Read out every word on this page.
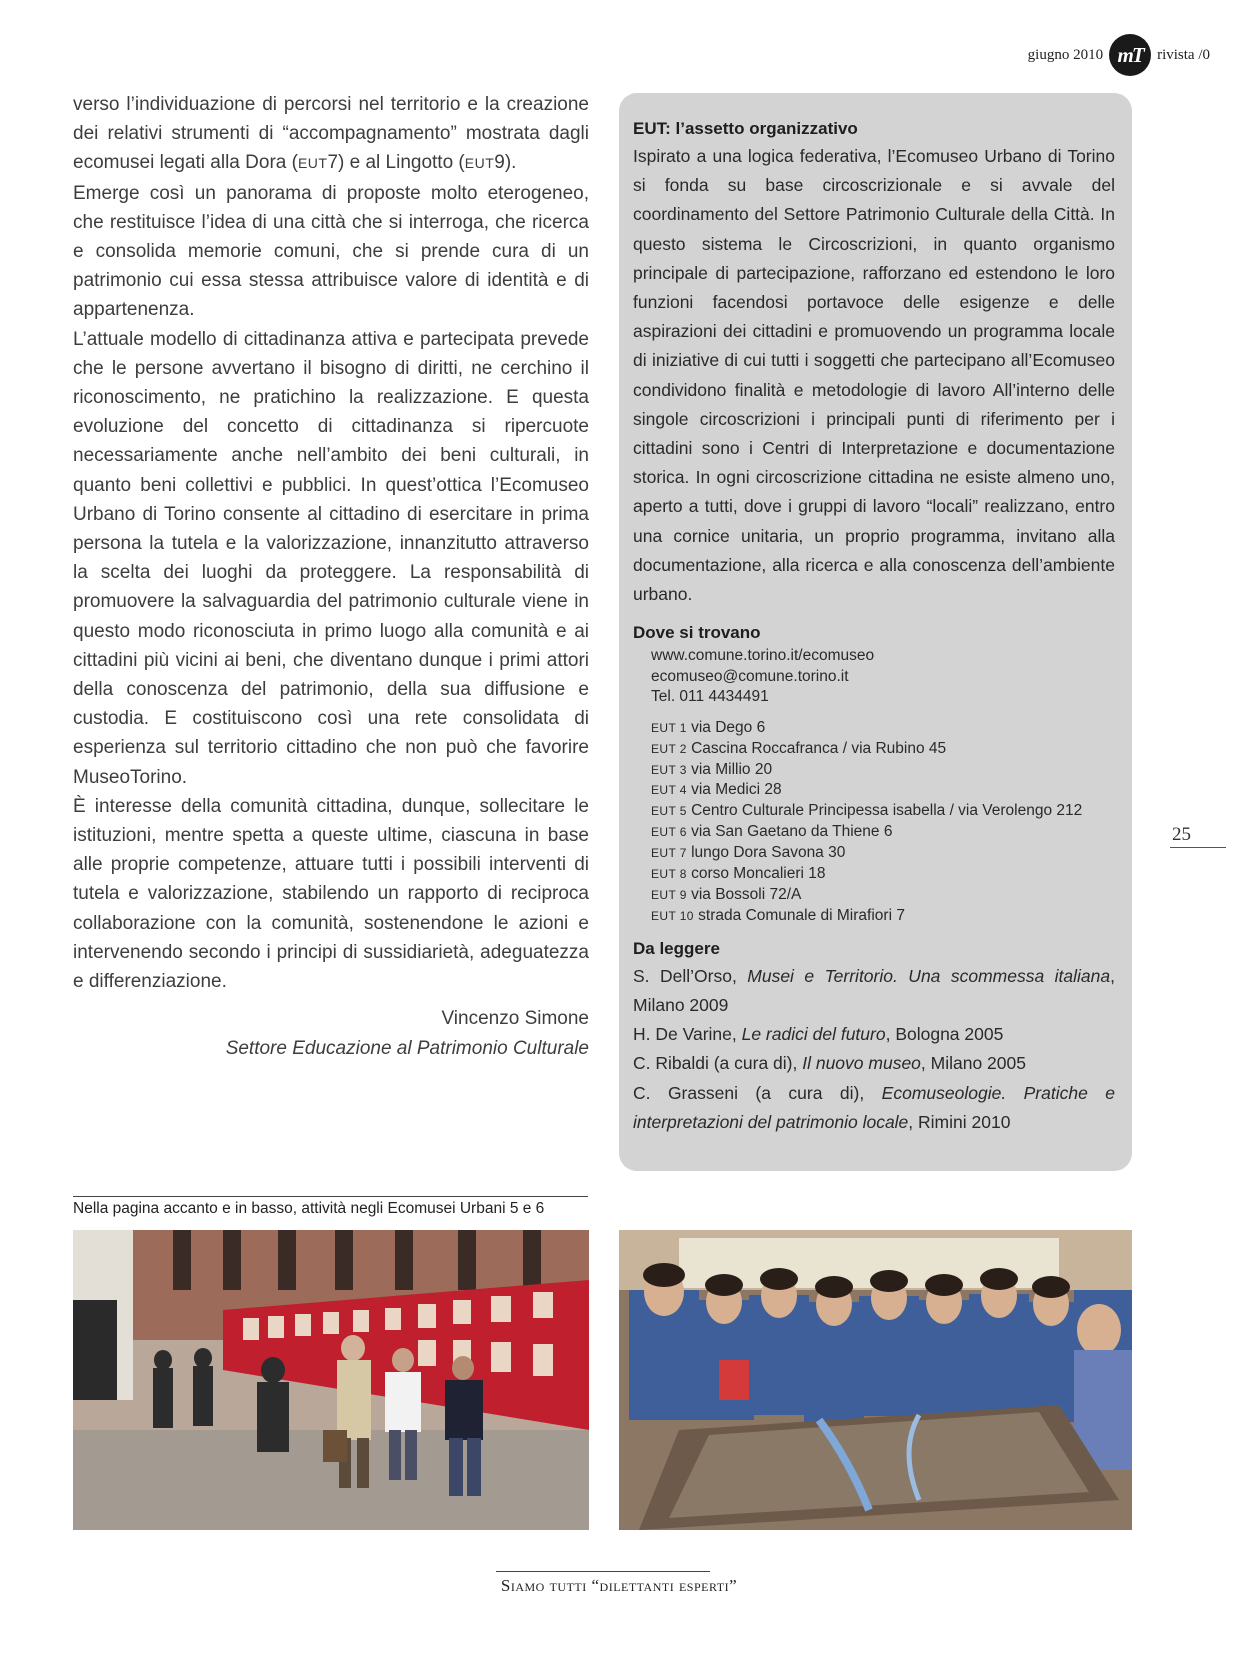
giugno 2010 mT rivista /0

verso l’individuazione di percorsi nel territorio e la creazione dei relativi strumenti di “accompagnamento” mostrata dagli ecomusei legati alla Dora (EUT7) e al Lingotto (EUT9).

Emerge così un panorama di proposte molto eterogeneo, che restituisce l’idea di una città che si interroga, che ricerca e consolida memorie comuni, che si prende cura di un patrimonio cui essa stessa attribuisce valore di identità e di appartenenza.

L’attuale modello di cittadinanza attiva e partecipata prevede che le persone avvertano il bisogno di diritti, ne cerchino il riconoscimento, ne pratichino la realizzazione. E questa evoluzione del concetto di cittadinanza si ripercuote necessariamente anche nell’ambito dei beni culturali, in quanto beni collettivi e pubblici. In quest’ottica l’Ecomuseo Urbano di Torino consente al cittadino di esercitare in prima persona la tutela e la valorizzazione, innanzitutto attraverso la scelta dei luoghi da proteggere. La responsabilità di promuovere la salvaguardia del patrimonio culturale viene in questo modo riconosciuta in primo luogo alla comunità e ai cittadini più vicini ai beni, che diventano dunque i primi attori della conoscenza del patrimonio, della sua diffusione e custodia. E costituiscono così una rete consolidata di esperienza sul territorio cittadino che non può che favorire MuseoTorino.

È interesse della comunità cittadina, dunque, sollecitare le istituzioni, mentre spetta a queste ultime, ciascuna in base alle proprie competenze, attuare tutti i possibili interventi di tutela e valorizzazione, stabilendo un rapporto di reciproca collaborazione con la comunità, sostenendone le azioni e intervenendo secondo i principi di sussidiarietà, adeguatezza e differenziazione.

Vincenzo Simone
Settore Educazione al Patrimonio Culturale
EUT: l’assetto organizzativo

Ispirato a una logica federativa, l’Ecomuseo Urbano di Torino si fonda su base circoscrizionale e si avvale del coordinamento del Settore Patrimonio Culturale della Città. In questo sistema le Circoscrizioni, in quanto organismo principale di partecipazione, rafforzano ed estendono le loro funzioni facendosi portavoce delle esigenze e delle aspirazioni dei cittadini e promuovendo un programma locale di iniziative di cui tutti i soggetti che partecipano all’Ecomuseo condividono finalità e metodologie di lavoro All’interno delle singole circoscrizioni i principali punti di riferimento per i cittadini sono i Centri di Interpretazione e documentazione storica. In ogni circoscrizione cittadina ne esiste almeno uno, aperto a tutti, dove i gruppi di lavoro “locali” realizzano, entro una cornice unitaria, un proprio programma, invitano alla documentazione, alla ricerca e alla conoscenza dell’ambiente urbano.

Dove si trovano
www.comune.torino.it/ecomuseo
ecomuseo@comune.torino.it
Tel. 011 4434491
EUT 1 via Dego 6
EUT 2 Cascina Roccafranca / via Rubino 45
EUT 3 via Millio 20
EUT 4 via Medici 28
EUT 5 Centro Culturale Principessa isabella / via Verolengo 212
EUT 6 via San Gaetano da Thiene 6
EUT 7 lungo Dora Savona 30
EUT 8 corso Moncalieri 18
EUT 9 via Bossoli 72/A
EUT 10 strada Comunale di Mirafiori 7
Da leggere
S. Dell’Orso, Musei e Territorio. Una scommessa italiana, Milano 2009
H. De Varine, Le radici del futuro, Bologna 2005
C. Ribaldi (a cura di), Il nuovo museo, Milano 2005
C. Grasseni (a cura di), Ecomuseologie. Pratiche e interpretazioni del patrimonio locale, Rimini 2010
25
Nella pagina accanto e in basso, attività negli Ecomusei Urbani 5 e 6
Siamo tutti “dilettanti esperti”
